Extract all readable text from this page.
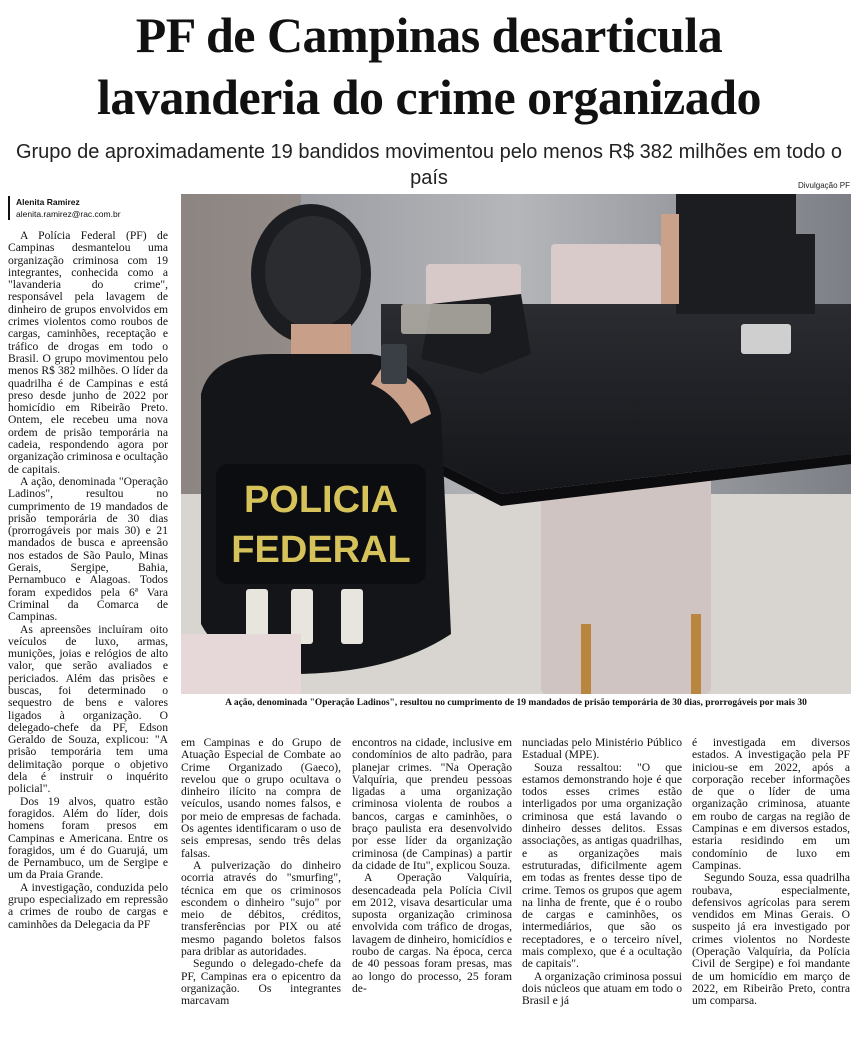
PF de Campinas desarticula
lavanderia do crime organizado
Grupo de aproximadamente 19 bandidos movimentou pelo menos R$ 382 milhões em todo o país
Alenita Ramirez
alenita.ramirez@rac.com.br
Divulgação PF
POLICIA
FEDERAL
A ação, denominada "Operação Ladinos", resultou no cumprimento de 19 mandados de prisão temporária de 30 dias, prorrogáveis por mais 30

A Polícia Federal (PF) de Campinas desmantelou uma organização criminosa com 19 integrantes, conhecida como a "lavanderia do crime", responsável pela lavagem de dinheiro de grupos envolvidos em crimes violentos como roubos de cargas, caminhões, receptação e tráfico de drogas em todo o Brasil. O grupo movimentou pelo menos R$ 382 milhões. O líder da quadrilha é de Campinas e está preso desde junho de 2022 por homicídio em Ribeirão Preto. Ontem, ele recebeu uma nova ordem de prisão temporária na cadeia, respondendo agora por organização criminosa e ocultação de capitais.

A ação, denominada "Operação Ladinos", resultou no cumprimento de 19 mandados de prisão temporária de 30 dias (prorrogáveis por mais 30) e 21 mandados de busca e apreensão nos estados de São Paulo, Minas Gerais, Sergipe, Bahia, Pernambuco e Alagoas. Todos foram expedidos pela 6ª Vara Criminal da Comarca de Campinas.

As apreensões incluíram oito veículos de luxo, armas, munições, joias e relógios de alto valor, que serão avaliados e periciados. Além das prisões e buscas, foi determinado o sequestro de bens e valores ligados à organização. O delegado-chefe da PF, Edson Geraldo de Souza, explicou: "A prisão temporária tem uma delimitação porque o objetivo dela é instruir o inquérito policial".

Dos 19 alvos, quatro estão foragidos. Além do líder, dois homens foram presos em Campinas e Americana. Entre os foragidos, um é do Guarujá, um de Pernambuco, um de Sergipe e um da Praia Grande.

A investigação, conduzida pelo grupo especializado em repressão a crimes de roubo de cargas e caminhões da Delegacia da PF

em Campinas e do Grupo de Atuação Especial de Combate ao Crime Organizado (Gaeco), revelou que o grupo ocultava o dinheiro ilícito na compra de veículos, usando nomes falsos, e por meio de empresas de fachada. Os agentes identificaram o uso de seis empresas, sendo três delas falsas.

A pulverização do dinheiro ocorria através do "smurfing", técnica em que os criminosos escondem o dinheiro "sujo" por meio de débitos, créditos, transferências por PIX ou até mesmo pagando boletos falsos para driblar as autoridades.

Segundo o delegado-chefe da PF, Campinas era o epicentro da organização. Os integrantes marcavam

encontros na cidade, inclusive em condomínios de alto padrão, para planejar crimes. "Na Operação Valquíria, que prendeu pessoas ligadas a uma organização criminosa violenta de roubos a bancos, cargas e caminhões, o braço paulista era desenvolvido por esse líder da organização criminosa (de Campinas) a partir da cidade de Itu", explicou Souza.

A Operação Valquíria, desencadeada pela Polícia Civil em 2012, visava desarticular uma suposta organização criminosa envolvida com tráfico de drogas, lavagem de dinheiro, homicídios e roubo de cargas. Na época, cerca de 40 pessoas foram presas, mas ao longo do processo, 25 foram de-

nunciadas pelo Ministério Público Estadual (MPE).

Souza ressaltou: "O que estamos demonstrando hoje é que todos esses crimes estão interligados por uma organização criminosa que está lavando o dinheiro desses delitos. Essas associações, as antigas quadrilhas, e as organizações mais estruturadas, dificilmente agem em todas as frentes desse tipo de crime. Temos os grupos que agem na linha de frente, que é o roubo de cargas e caminhões, os intermediários, que são os receptadores, e o terceiro nível, mais complexo, que é a ocultação de capitais".

A organização criminosa possui dois núcleos que atuam em todo o Brasil e já

é investigada em diversos estados. A investigação pela PF iniciou-se em 2022, após a corporação receber informações de que o líder de uma organização criminosa, atuante em roubo de cargas na região de Campinas e em diversos estados, estaria residindo em um condomínio de luxo em Campinas.

Segundo Souza, essa quadrilha roubava, especialmente, defensivos agrícolas para serem vendidos em Minas Gerais. O suspeito já era investigado por crimes violentos no Nordeste (Operação Valquíria, da Polícia Civil de Sergipe) e foi mandante de um homicídio em março de 2022, em Ribeirão Preto, contra um comparsa.
